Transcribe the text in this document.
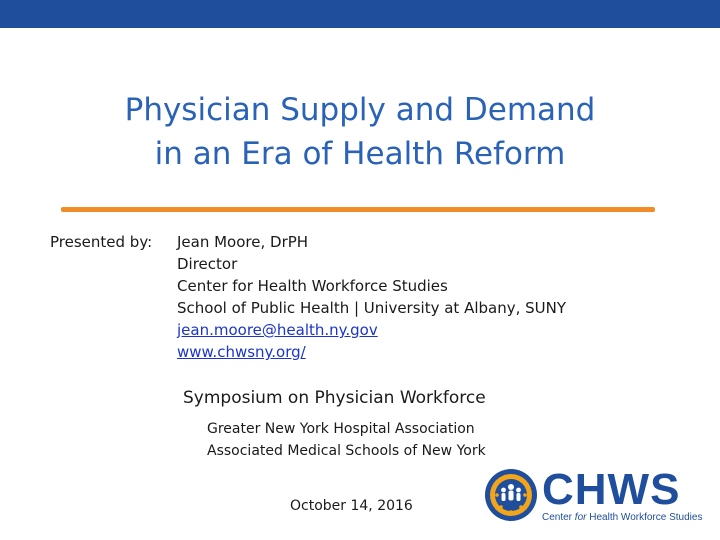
Physician Supply and Demand
in an Era of Health Reform
Presented by: Jean Moore, DrPH
Director
Center for Health Workforce Studies
School of Public Health | University at Albany, SUNY
jean.moore@health.ny.gov
www.chwsny.org/
Symposium on Physician Workforce
Greater New York Hospital Association
Associated Medical Schools of New York
October 14, 2016	CHWS
Center for Health Workforce Studies
